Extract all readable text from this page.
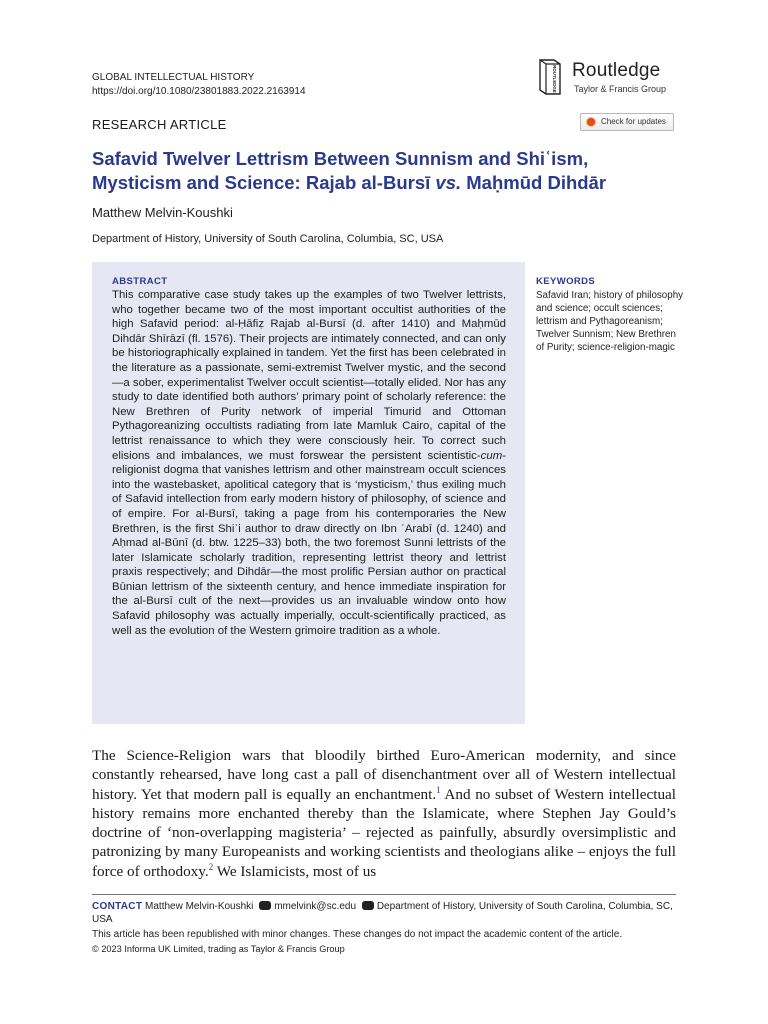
GLOBAL INTELLECTUAL HISTORY
https://doi.org/10.1080/23801883.2022.2163914	ROUTLEDGE Routledge
Taylor & Francis Group
RESEARCH ARTICLE	Check for updates
Safavid Twelver Lettrism Between Sunnism and Shiʿism,
Mysticism and Science: Rajab al-Bursī vs. Maḥmūd Dihdār
Matthew Melvin-Koushki
Department of History, University of South Carolina, Columbia, SC, USA
ABSTRACT
This comparative case study takes up the examples of two Twelver lettrists, who together became two of the most important occultist authorities of the high Safavid period: al-Ḥāfiẓ Rajab al-Bursī (d. after 1410) and Maḥmūd Dihdār Shīrāzī (fl. 1576). Their projects are intimately connected, and can only be historiographically explained in tandem. Yet the first has been celebrated in the literature as a passionate, semi-extremist Twelver mystic, and the second—a sober, experimentalist Twelver occult scientist—totally elided. Nor has any study to date identified both authors’ primary point of scholarly reference: the New Brethren of Purity network of imperial Timurid and Ottoman Pythagoreanizing occultists radiating from late Mamluk Cairo, capital of the lettrist renaissance to which they were consciously heir. To correct such elisions and imbalances, we must forswear the persistent scientistic-cum-religionist dogma that vanishes lettrism and other mainstream occult sciences into the wastebasket, apolitical category that is ‘mysticism,’ thus exiling much of Safavid intellection from early modern history of philosophy, of science and of empire. For al-Bursī, taking a page from his contemporaries the New Brethren, is the first Shiʿi author to draw directly on Ibn ʿArabī (d. 1240) and Aḥmad al-Būnī (d. btw. 1225–33) both, the two foremost Sunni lettrists of the later Islamicate scholarly tradition, representing lettrist theory and lettrist praxis respectively; and Dihdār—the most prolific Persian author on practical Būnian lettrism of the sixteenth century, and hence immediate inspiration for the al-Bursī cult of the next—provides us an invaluable window onto how Safavid philosophy was actually imperially, occult-scientifically practiced, as well as the evolution of the Western grimoire tradition as a whole.
KEYWORDS
Safavid Iran; history of philosophy and science; occult sciences; lettrism and Pythagoreanism; Twelver Sunnism; New Brethren of Purity; science-religion-magic
The Science-Religion wars that bloodily birthed Euro-American modernity, and since constantly rehearsed, have long cast a pall of disenchantment over all of Western intellectual history. Yet that modern pall is equally an enchantment.$^1$ And no subset of Western intellectual history remains more enchanted thereby than the Islamicate, where Stephen Jay Gould’s doctrine of ‘non-overlapping magisteria’ – rejected as painfully, absurdly oversimplistic and patronizing by many Europeanists and working scientists and theologians alike – enjoys the full force of orthodoxy.$^2$ We Islamicists, most of us
CONTACT Matthew Melvin-Koushki mmelvink@sc.edu Department of History, University of South Carolina, Columbia, SC, USA
This article has been republished with minor changes. These changes do not impact the academic content of the article.
© 2023 Informa UK Limited, trading as Taylor & Francis Group
